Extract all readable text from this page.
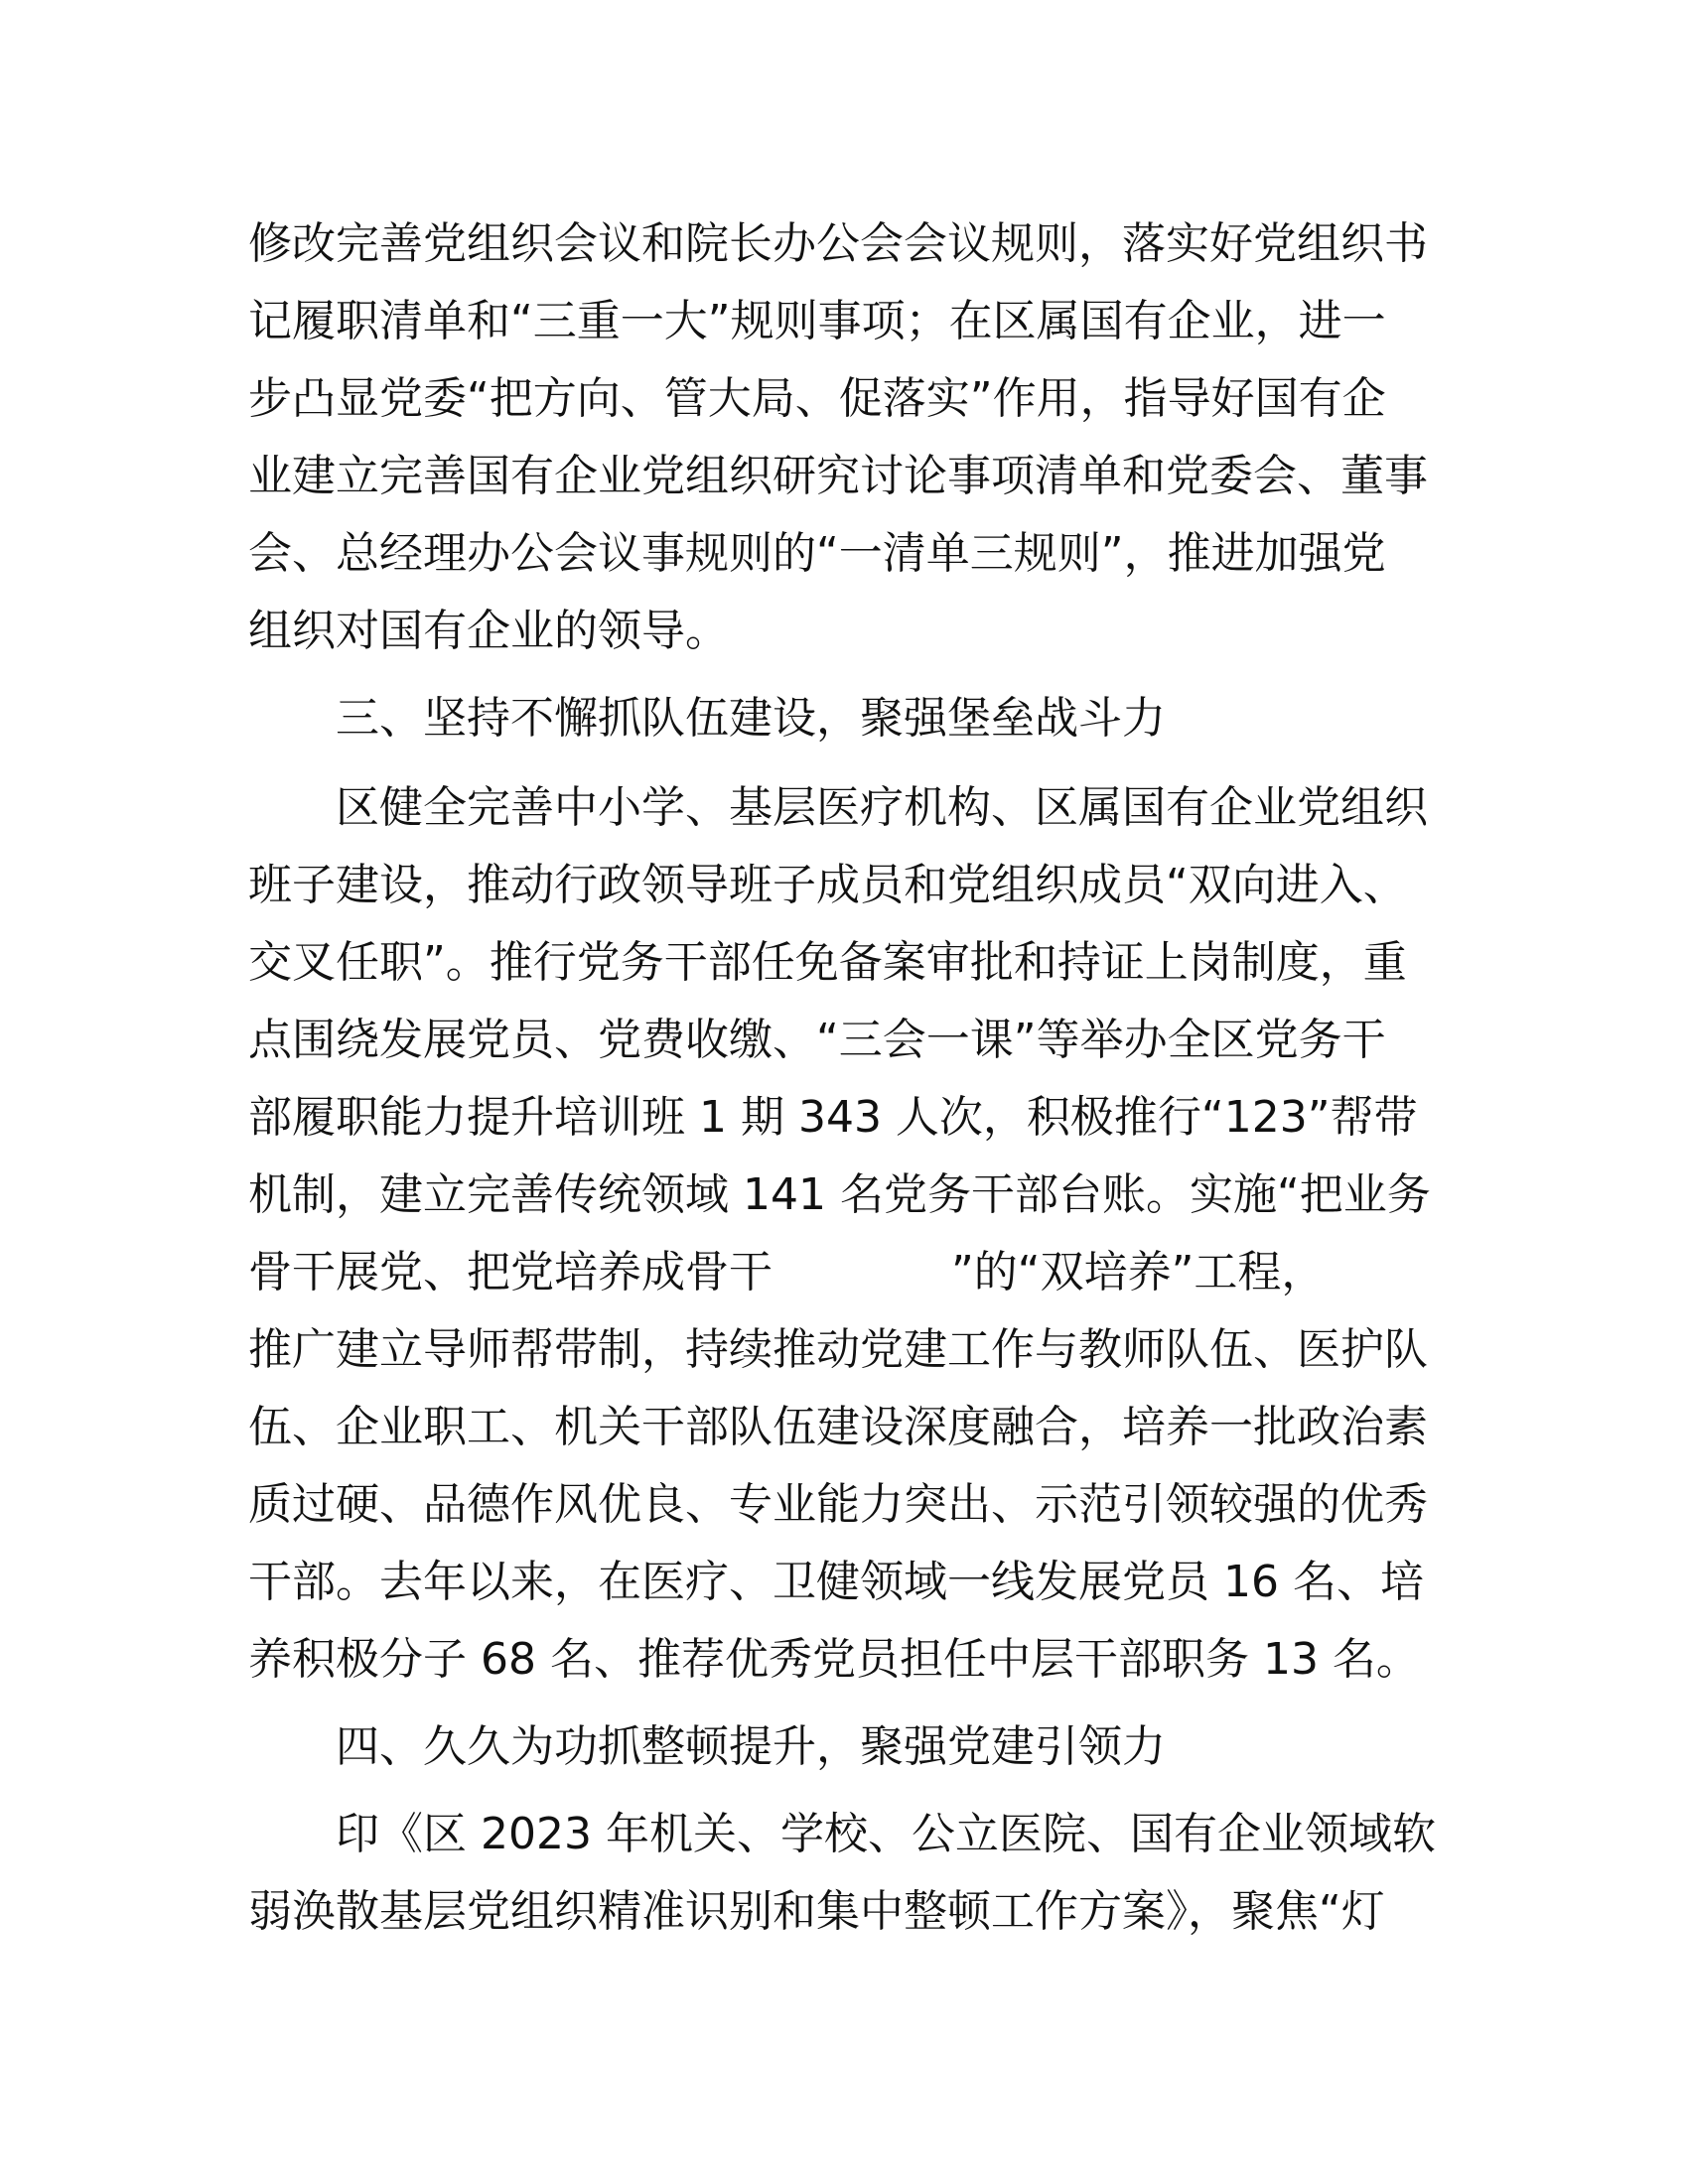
修改完善党组织会议和院长办公会会议规则，落实好党组织书
记履职清单和“三重一大”规则事项；在区属国有企业，进一
步凸显党委“把方向、管大局、促落实”作用，指导好国有企
业建立完善国有企业党组织研究讨论事项清单和党委会、董事
会、总经理办公会议事规则的“一清单三规则”，推进加强党
组织对国有企业的领导。
三、坚持不懈抓队伍建设，聚强堡垒战斗力
区健全完善中小学、基层医疗机构、区属国有企业党组织
班子建设，推动行政领导班子成员和党组织成员“双向进入、
交叉任职”。推行党务干部任免备案审批和持证上岗制度，重
点围绕发展党员、党费收缴、“三会一课”等举办全区党务干
部履职能力提升培训班 1 期 343 人次，积极推行“123”帮带
机制，建立完善传统领域 141 名党务干部台账。实施“把业务
骨干展党、把党培养成骨干	”的“双培养”工程，
推广建立导师帮带制，持续推动党建工作与教师队伍、医护队
伍、企业职工、机关干部队伍建设深度融合，培养一批政治素
质过硬、品德作风优良、专业能力突出、示范引领较强的优秀
干部。去年以来，在医疗、卫健领域一线发展党员 16 名、培
养积极分子 68 名、推荐优秀党员担任中层干部职务 13 名。
四、久久为功抓整顿提升，聚强党建引领力
印《区 2023 年机关、学校、公立医院、国有企业领域软
弱涣散基层党组织精准识别和集中整顿工作方案》，聚焦“灯
